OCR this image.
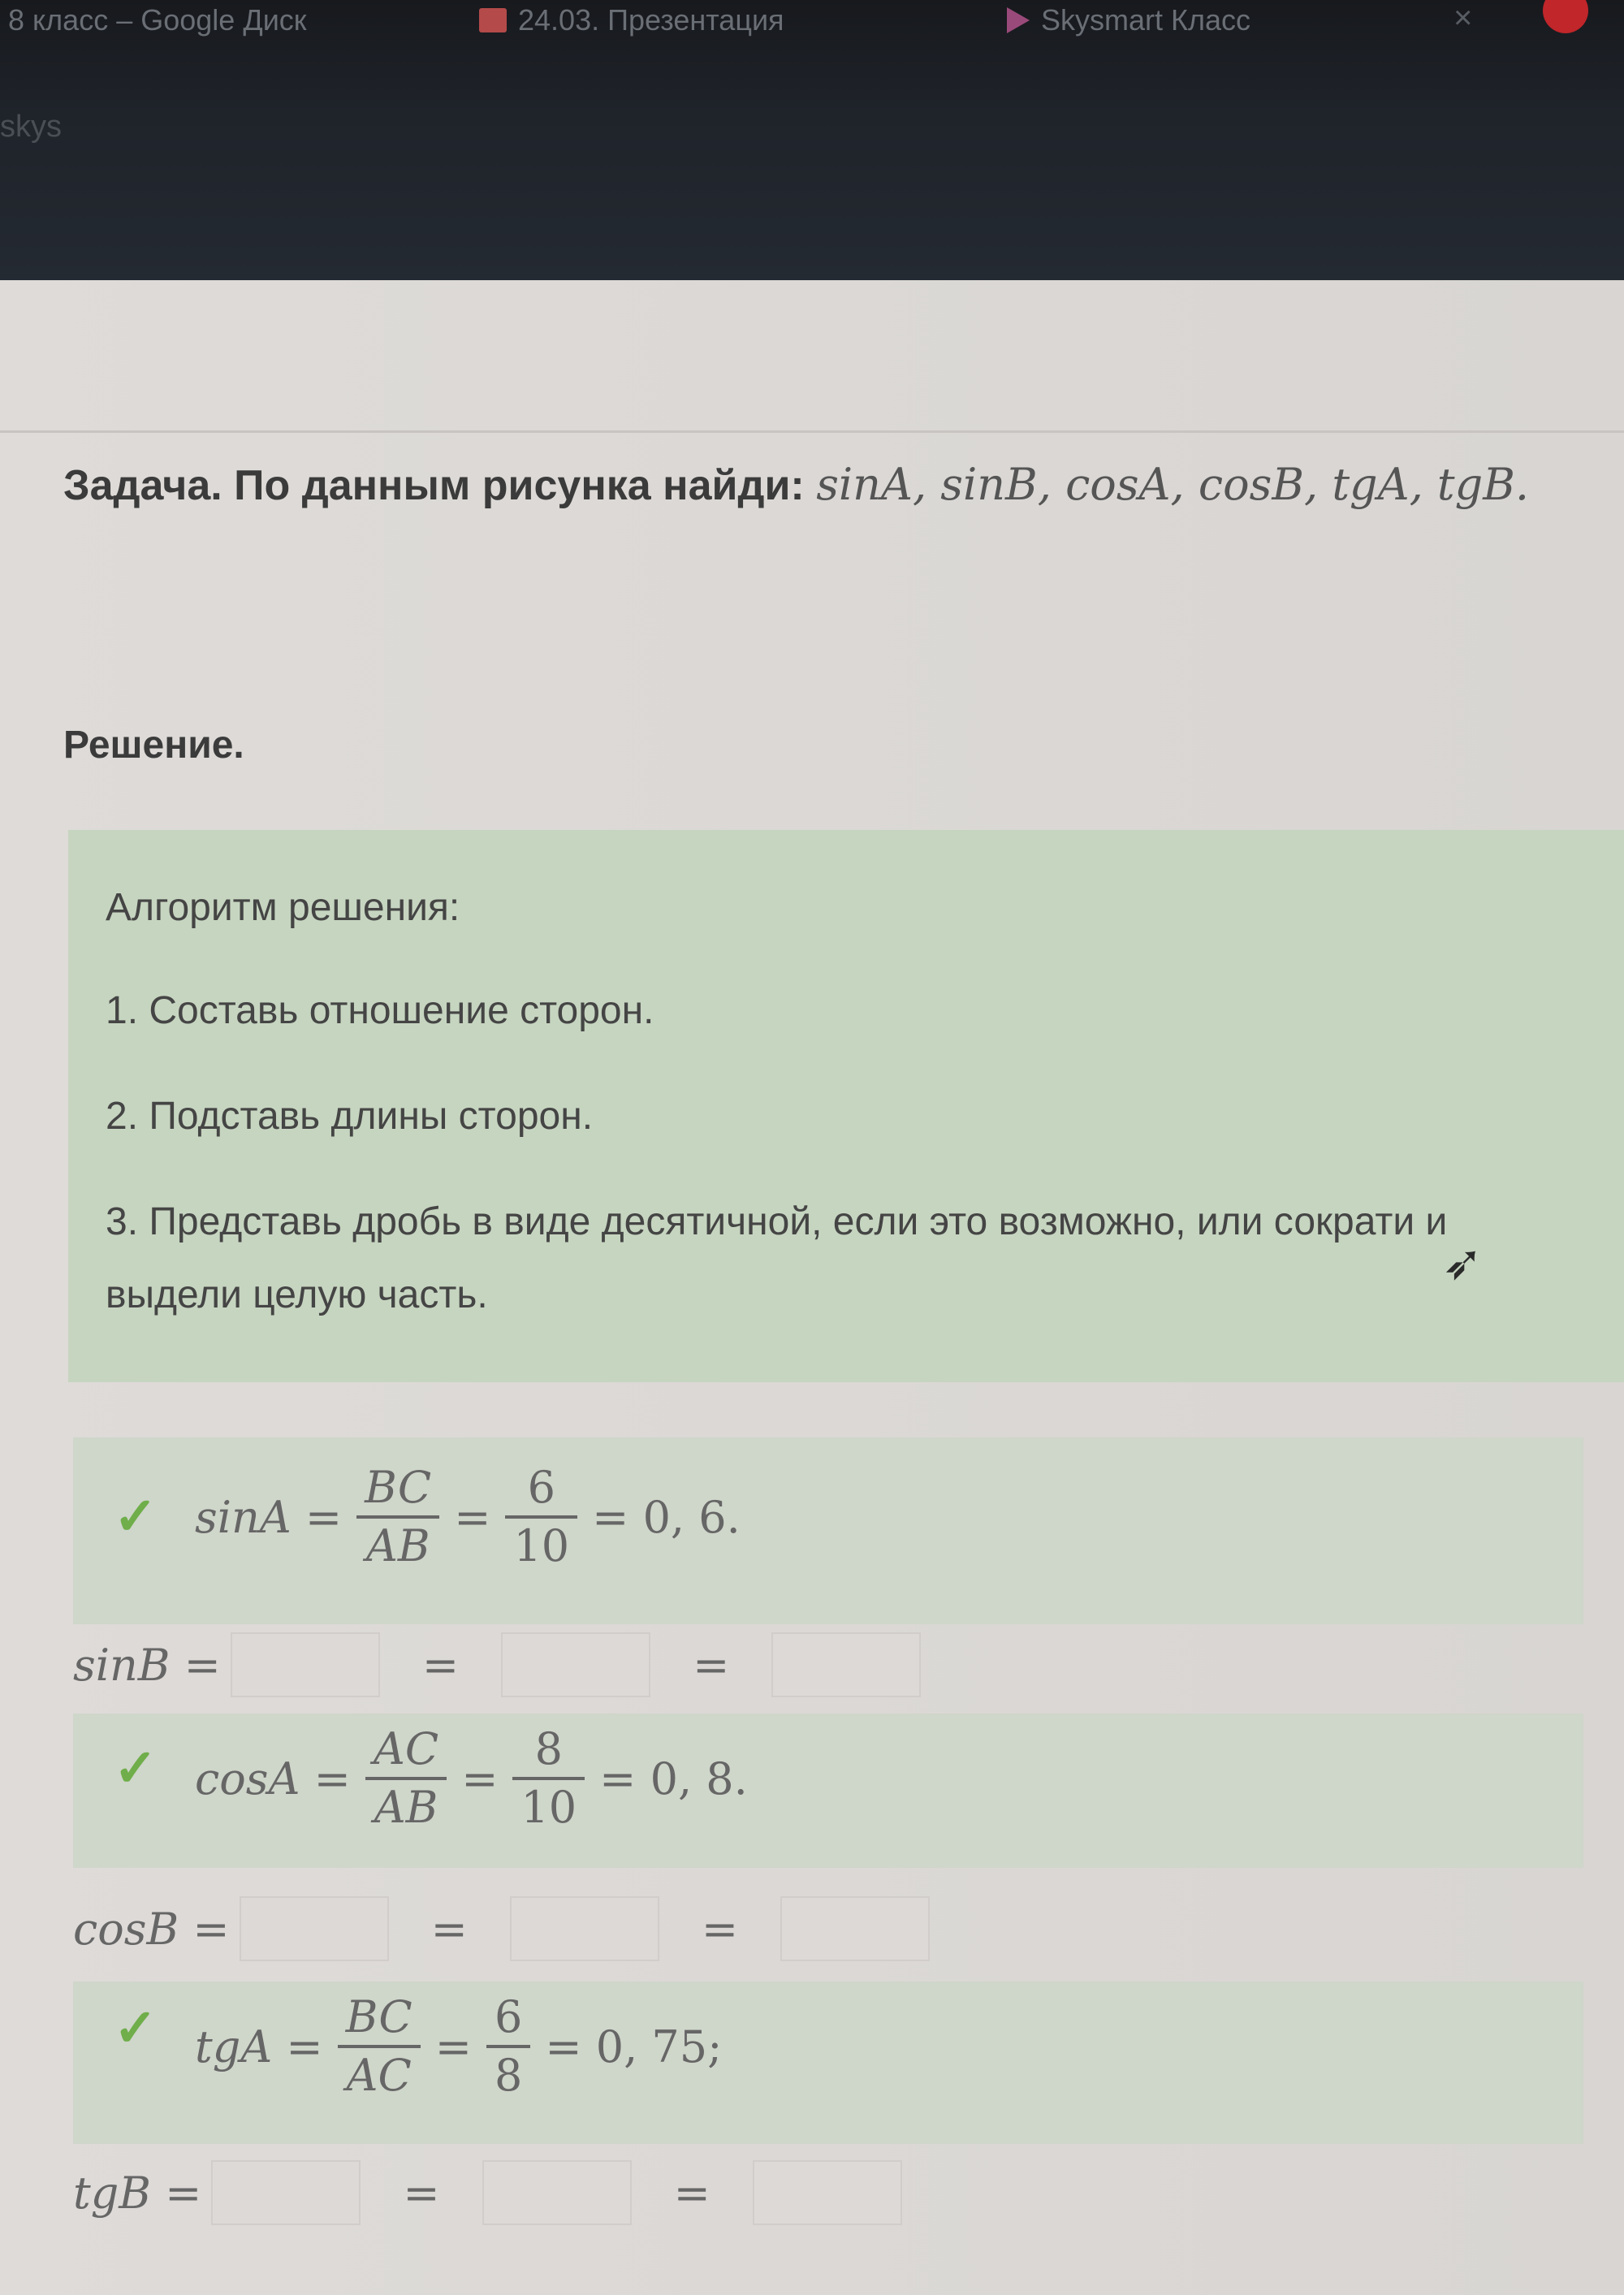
8 класс – Google Диск	24.03. Презентация	Skysmart Класс	×
skys
Задача. По данным рисунка найди: sinA, sinB, cosA, cosB, tgA, tgB.
Решение.
Алгоритм решения:
1. Составь отношение сторон.
2. Подставь длины сторон.
3. Представь дробь в виде десятичной, если это возможно, или сократи и
выдели целую часть.
➶
✓ $\sin A = \frac{BC}{AB} = \frac{6}{10} = 0$, 6.
sinB =	=	=
✓ $\cos A = \frac{AC}{AB} = \frac{8}{10} = 0$, 8.
cosB =	=	=
✓ tgA = $\frac{BC}{AC} = \frac{6}{8} = 0$, 75;
tgB =	=	=
